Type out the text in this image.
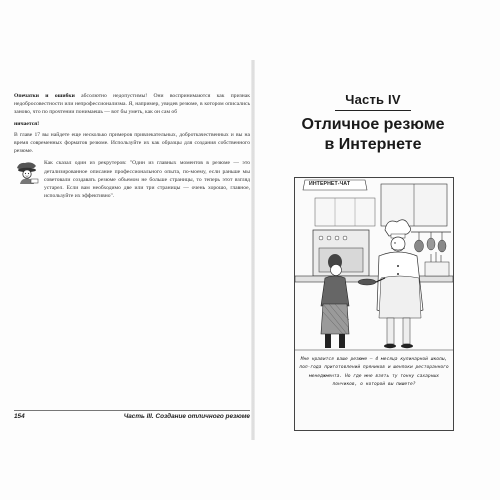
Опечатки и ошибки абсолютно недопустимы! Они воспринимаются как признак недобросовестности или непрофессионализма. Я, например, увидев резюме, в котором описались заново, что по прочтении понимаешь — вот бы уметь, как он сам об

ничается!

В главе 17 вы найдете еще несколько примеров привлекательных, доброткачественных и вы на время современных форматов резюме. Используйте их как образцы для создания собственного резюме.

Как сказал один из рекрутеров: "Один из главных моментов в резюме — это детализированное описание профессионального опыта, по-моему, если раньше мы советовали создавать резюме объемом не больше страницы, то теперь этот взгляд устарел. Если вам необходимо две или три страницы — очень хорошо, главное, используйте их эффективно".

154	Часть III. Создание отличного резюме
Часть IV
Отличное резюме
в Интернете
ИНТЕРНЕТ-ЧАТ
Мне нравится ваше резюме — 4 месяца кулинарной школы, пол-года приготовлений пряников и шенпоки ресторанного менеджмента. Но где мне взять ту тонну сахарных пончиков, о которой вы пишете?
